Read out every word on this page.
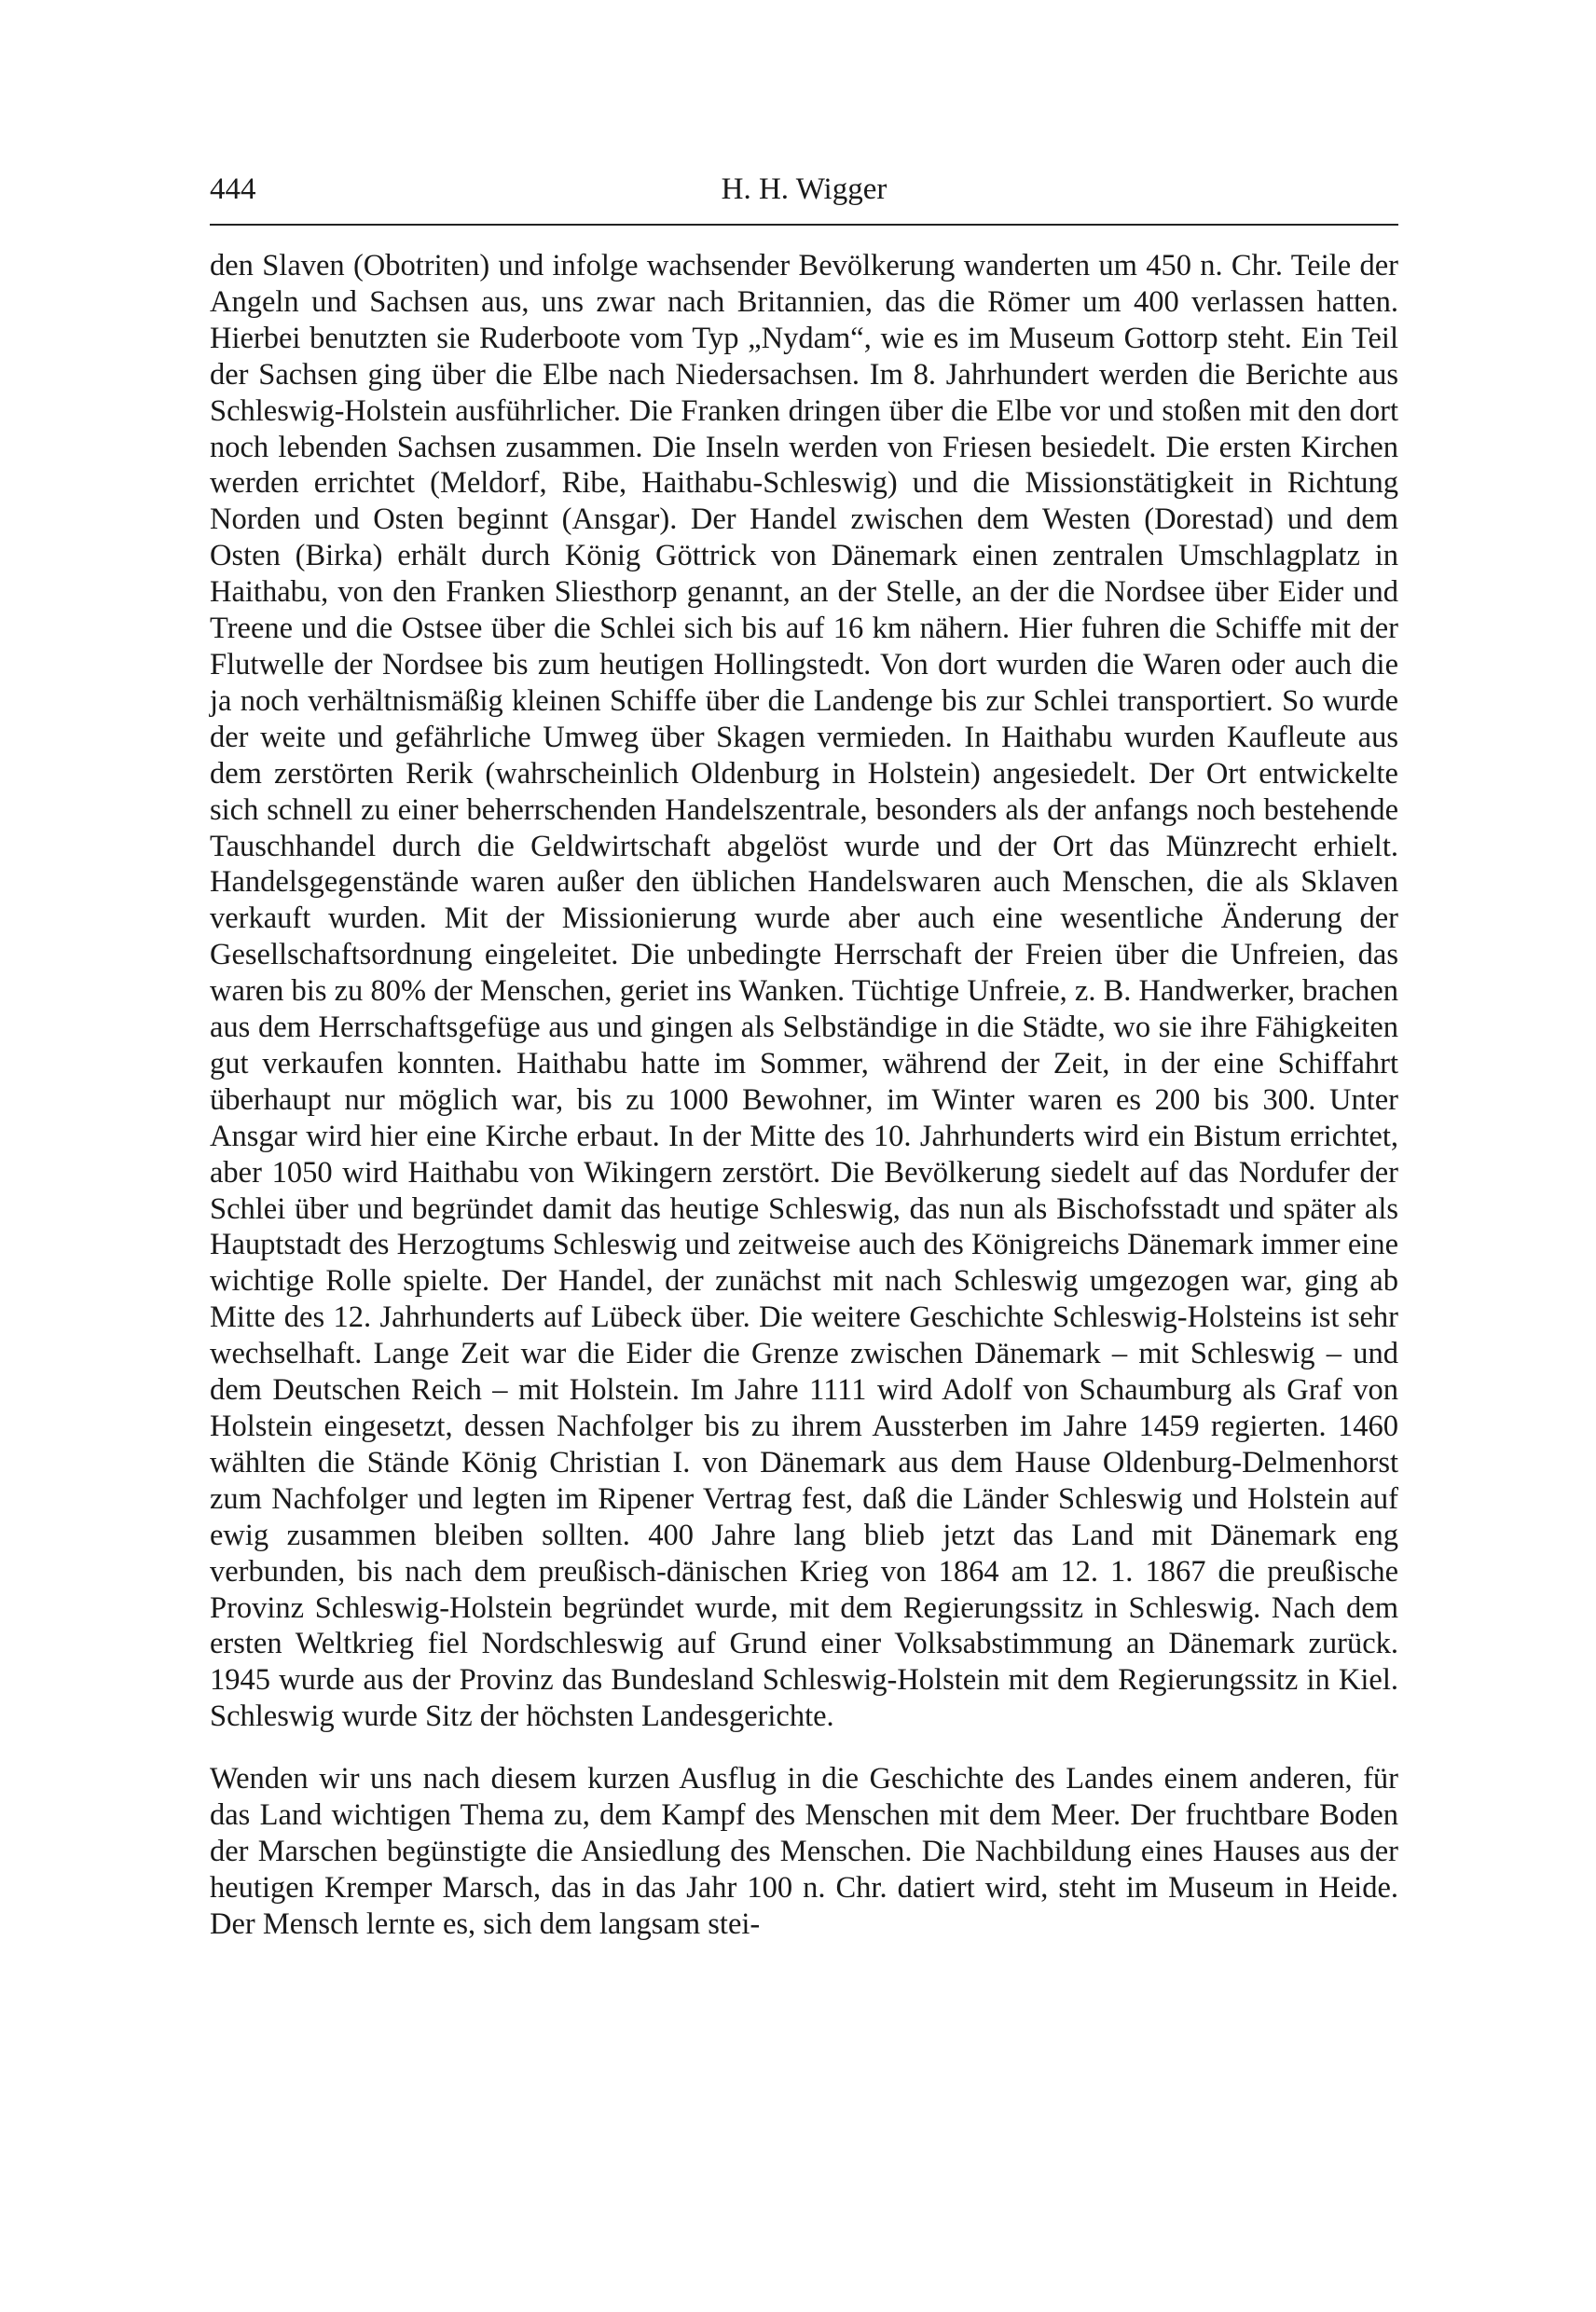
444	H. H. Wigger

den Slaven (Obotriten) und infolge wachsender Bevölkerung wanderten um 450 n. Chr. Teile der Angeln und Sachsen aus, uns zwar nach Britannien, das die Römer um 400 verlassen hatten. Hierbei benutzten sie Ruderboote vom Typ „Nydam“, wie es im Museum Gottorp steht. Ein Teil der Sachsen ging über die Elbe nach Niedersachsen. Im 8. Jahrhundert werden die Berichte aus Schleswig-Holstein ausführlicher. Die Franken dringen über die Elbe vor und stoßen mit den dort noch lebenden Sachsen zusammen. Die Inseln werden von Friesen besiedelt. Die ersten Kirchen werden errichtet (Meldorf, Ribe, Haithabu-Schleswig) und die Missionstätigkeit in Richtung Norden und Osten beginnt (Ansgar). Der Handel zwischen dem Westen (Dorestad) und dem Osten (Birka) erhält durch König Göttrick von Dänemark einen zentralen Umschlagplatz in Haithabu, von den Franken Sliesthorp genannt, an der Stelle, an der die Nordsee über Eider und Treene und die Ostsee über die Schlei sich bis auf 16 km nähern. Hier fuhren die Schiffe mit der Flutwelle der Nordsee bis zum heutigen Hollingstedt. Von dort wurden die Waren oder auch die ja noch verhältnismäßig kleinen Schiffe über die Landenge bis zur Schlei transportiert. So wurde der weite und gefährliche Umweg über Skagen vermieden. In Haithabu wurden Kaufleute aus dem zerstörten Rerik (wahrscheinlich Oldenburg in Holstein) angesiedelt. Der Ort entwickelte sich schnell zu einer beherrschenden Handelszentrale, besonders als der anfangs noch bestehende Tauschhandel durch die Geldwirtschaft abgelöst wurde und der Ort das Münzrecht erhielt. Handelsgegenstände waren außer den üblichen Handelswaren auch Menschen, die als Sklaven verkauft wurden. Mit der Missionierung wurde aber auch eine wesentliche Änderung der Gesellschaftsordnung eingeleitet. Die unbedingte Herrschaft der Freien über die Unfreien, das waren bis zu 80% der Menschen, geriet ins Wanken. Tüchtige Unfreie, z. B. Handwerker, brachen aus dem Herrschaftsgefüge aus und gingen als Selbständige in die Städte, wo sie ihre Fähigkeiten gut verkaufen konnten. Haithabu hatte im Sommer, während der Zeit, in der eine Schiffahrt überhaupt nur möglich war, bis zu 1000 Bewohner, im Winter waren es 200 bis 300. Unter Ansgar wird hier eine Kirche erbaut. In der Mitte des 10. Jahrhunderts wird ein Bistum errichtet, aber 1050 wird Haithabu von Wikingern zerstört. Die Bevölkerung siedelt auf das Nordufer der Schlei über und begründet damit das heutige Schleswig, das nun als Bischofsstadt und später als Hauptstadt des Herzogtums Schleswig und zeitweise auch des Königreichs Dänemark immer eine wichtige Rolle spielte. Der Handel, der zunächst mit nach Schleswig umgezogen war, ging ab Mitte des 12. Jahrhunderts auf Lübeck über. Die weitere Geschichte Schleswig-Holsteins ist sehr wechselhaft. Lange Zeit war die Eider die Grenze zwischen Dänemark – mit Schleswig – und dem Deutschen Reich – mit Holstein. Im Jahre 1111 wird Adolf von Schaumburg als Graf von Holstein eingesetzt, dessen Nachfolger bis zu ihrem Aussterben im Jahre 1459 regierten. 1460 wählten die Stände König Christian I. von Dänemark aus dem Hause Oldenburg-Delmenhorst zum Nachfolger und legten im Ripener Vertrag fest, daß die Länder Schleswig und Holstein auf ewig zusammen bleiben sollten. 400 Jahre lang blieb jetzt das Land mit Dänemark eng verbunden, bis nach dem preußisch-dänischen Krieg von 1864 am 12. 1. 1867 die preußische Provinz Schleswig-Holstein begründet wurde, mit dem Regierungssitz in Schleswig. Nach dem ersten Weltkrieg fiel Nordschleswig auf Grund einer Volksabstimmung an Dänemark zurück. 1945 wurde aus der Provinz das Bundesland Schleswig-Holstein mit dem Regierungssitz in Kiel. Schleswig wurde Sitz der höchsten Landesgerichte.

Wenden wir uns nach diesem kurzen Ausflug in die Geschichte des Landes einem anderen, für das Land wichtigen Thema zu, dem Kampf des Menschen mit dem Meer. Der fruchtbare Boden der Marschen begünstigte die Ansiedlung des Menschen. Die Nachbildung eines Hauses aus der heutigen Kremper Marsch, das in das Jahr 100 n. Chr. datiert wird, steht im Museum in Heide. Der Mensch lernte es, sich dem langsam stei-
